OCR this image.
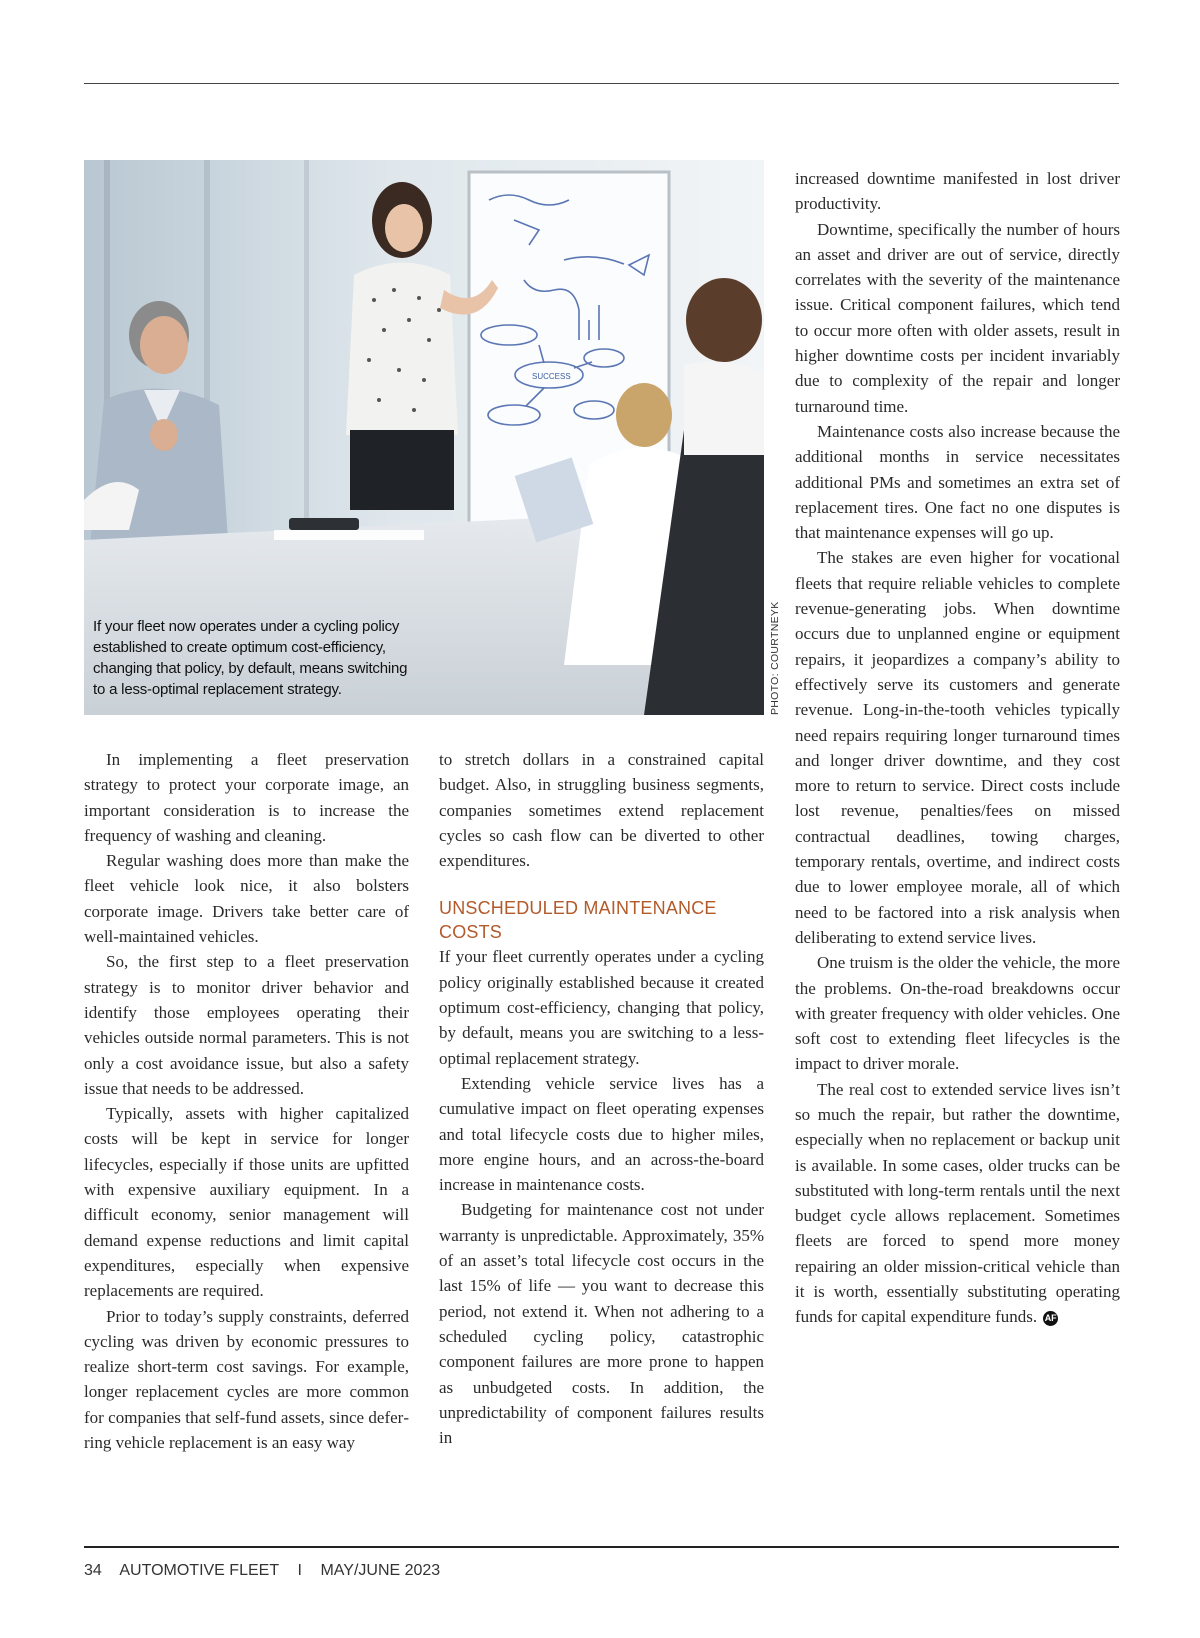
SUCCESS
If your fleet now operates under a cycling policy established to create optimum cost-efficiency, changing that policy, by default, means switching to a less-optimal replacement strategy.	PHOTO: COURTNEYK

In implementing a fleet preservation strategy to protect your corporate image, an important consideration is to increase the frequency of washing and cleaning.

Regular washing does more than make the fleet vehicle look nice, it also bolsters corporate image. Drivers take better care of well-maintained vehicles.

So, the first step to a fleet preservation strategy is to monitor driver behavior and identify those employees operating their vehicles outside normal parameters. This is not only a cost avoidance issue, but also a safety issue that needs to be addressed.

Typically, assets with higher capitalized costs will be kept in service for longer lifecycles, especially if those units are upfitted with expensive auxiliary equipment. In a difficult economy, senior management will demand expense reductions and limit capital expenditures, especially when expensive replacements are required.

Prior to today’s supply constraints, deferred cycling was driven by economic pressures to realize short-term cost savings. For example, longer replacement cycles are more common for companies that self-fund assets, since deferring vehicle replacement is an easy way

to stretch dollars in a constrained capital budget. Also, in struggling business segments, companies sometimes extend replacement cycles so cash flow can be diverted to other expenditures.

UNSCHEDULED MAINTENANCE COSTS

If your fleet currently operates under a cycling policy originally established because it created optimum cost-efficiency, changing that policy, by default, means you are switching to a less-optimal replacement strategy.

Extending vehicle service lives has a cumulative impact on fleet operating expenses and total lifecycle costs due to higher miles, more engine hours, and an across-the-board increase in maintenance costs.

Budgeting for maintenance cost not under warranty is unpredictable. Approximately, 35% of an asset’s total lifecycle cost occurs in the last 15% of life — you want to decrease this period, not extend it. When not adhering to a scheduled cycling policy, catastrophic component failures are more prone to happen as unbudgeted costs. In addition, the unpredictability of component failures results in

increased downtime manifested in lost driver productivity.

Downtime, specifically the number of hours an asset and driver are out of service, directly correlates with the severity of the maintenance issue. Critical component failures, which tend to occur more often with older assets, result in higher downtime costs per incident invariably due to complexity of the repair and longer turnaround time.

Maintenance costs also increase because the additional months in service necessitates additional PMs and sometimes an extra set of replacement tires. One fact no one disputes is that maintenance expenses will go up.

The stakes are even higher for vocational fleets that require reliable vehicles to complete revenue-generating jobs. When downtime occurs due to unplanned engine or equipment repairs, it jeopardizes a company’s ability to effectively serve its customers and generate revenue. Long-in-the-tooth vehicles typically need repairs requiring longer turnaround times and longer driver downtime, and they cost more to return to service. Direct costs include lost revenue, penalties/fees on missed contractual deadlines, towing charges, temporary rentals, overtime, and indirect costs due to lower employee morale, all of which need to be factored into a risk analysis when deliberating to extend service lives.

One truism is the older the vehicle, the more the problems. On-the-road breakdowns occur with greater frequency with older vehicles. One soft cost to extending fleet lifecycles is the impact to driver morale.

The real cost to extended service lives isn’t so much the repair, but rather the downtime, especially when no replacement or backup unit is available. In some cases, older trucks can be substituted with long-term rentals until the next budget cycle allows replacement. Sometimes fleets are forced to spend more money repairing an older mission-critical vehicle than it is worth, essentially substituting operating funds for capital expenditure funds. AF

34 AUTOMOTIVE FLEET I MAY/JUNE 2023
